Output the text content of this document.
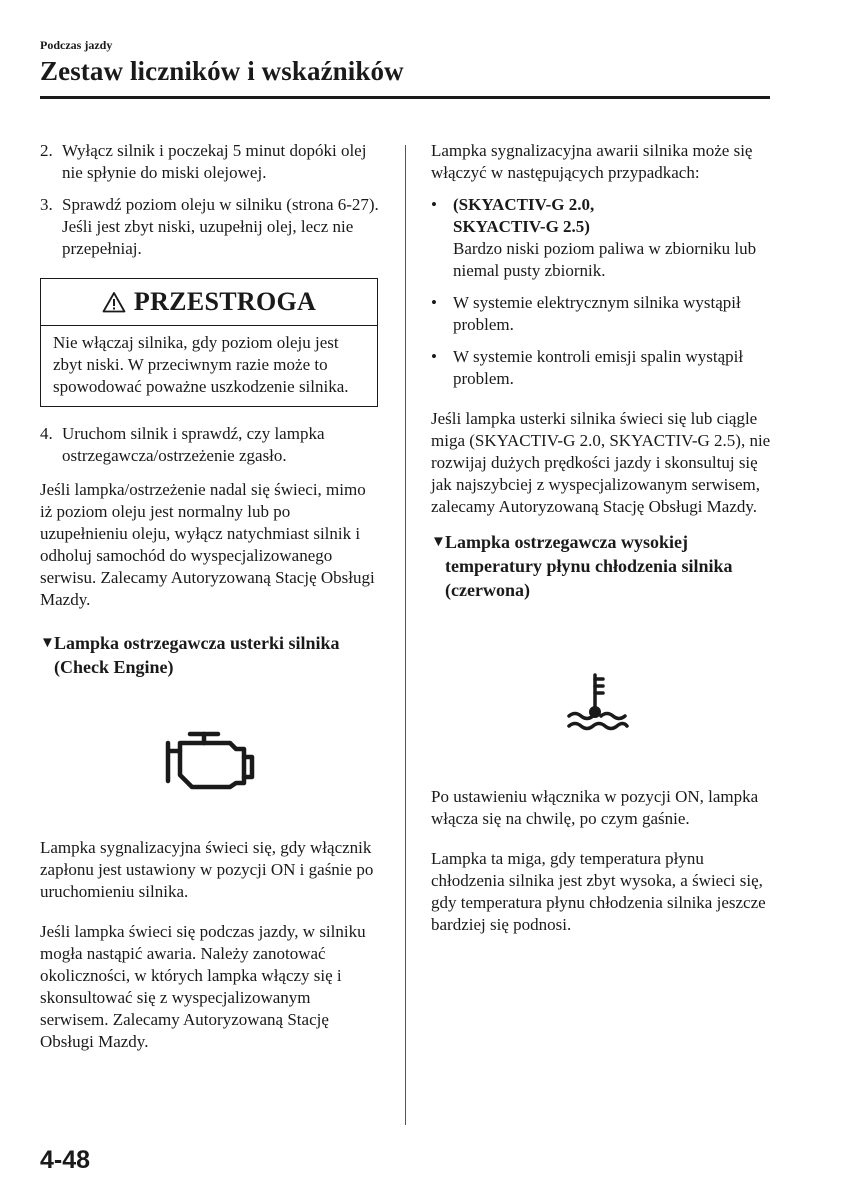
Podczas jazdy
Zestaw liczników i wskaźników
2. Wyłącz silnik i poczekaj 5 minut dopóki olej nie spłynie do miski olejowej.
3. Sprawdź poziom oleju w silniku (strona 6-27). Jeśli jest zbyt niski, uzupełnij olej, lecz nie przepełniaj.
PRZESTROGA
Nie włączaj silnika, gdy poziom oleju jest zbyt niski. W przeciwnym razie może to spowodować poważne uszkodzenie silnika.
4. Uruchom silnik i sprawdź, czy lampka ostrzegawcza/ostrzeżenie zgasło.

Jeśli lampka/ostrzeżenie nadal się świeci, mimo iż poziom oleju jest normalny lub po uzupełnieniu oleju, wyłącz natychmiast silnik i odholuj samochód do wyspecjalizowanego serwisu. Zalecamy Autoryzowaną Stację Obsługi Mazdy.

▼ Lampka ostrzegawcza usterki silnika (Check Engine)

Lampka sygnalizacyjna świeci się, gdy włącznik zapłonu jest ustawiony w pozycji ON i gaśnie po uruchomieniu silnika.

Jeśli lampka świeci się podczas jazdy, w silniku mogła nastąpić awaria. Należy zanotować okoliczności, w których lampka włączy się i skonsultować się z wyspecjalizowanym serwisem. Zalecamy Autoryzowaną Stację Obsługi Mazdy.

Lampka sygnalizacyjna awarii silnika może się włączyć w następujących przypadkach:

• (SKYACTIV-G 2.0,
SKYACTIV-G 2.5)
Bardzo niski poziom paliwa w zbiorniku lub niemal pusty zbiornik.
• W systemie elektrycznym silnika wystąpił problem.
• W systemie kontroli emisji spalin wystąpił problem.

Jeśli lampka usterki silnika świeci się lub ciągle miga (SKYACTIV-G 2.0, SKYACTIV-G 2.5), nie rozwijaj dużych prędkości jazdy i skonsultuj się jak najszybciej z wyspecjalizowanym serwisem, zalecamy Autoryzowaną Stację Obsługi Mazdy.

▼ Lampka ostrzegawcza wysokiej temperatury płynu chłodzenia silnika (czerwona)

Po ustawieniu włącznika w pozycji ON, lampka włącza się na chwilę, po czym gaśnie.

Lampka ta miga, gdy temperatura płynu chłodzenia silnika jest zbyt wysoka, a świeci się, gdy temperatura płynu chłodzenia silnika jeszcze bardziej się podnosi.

4-48
